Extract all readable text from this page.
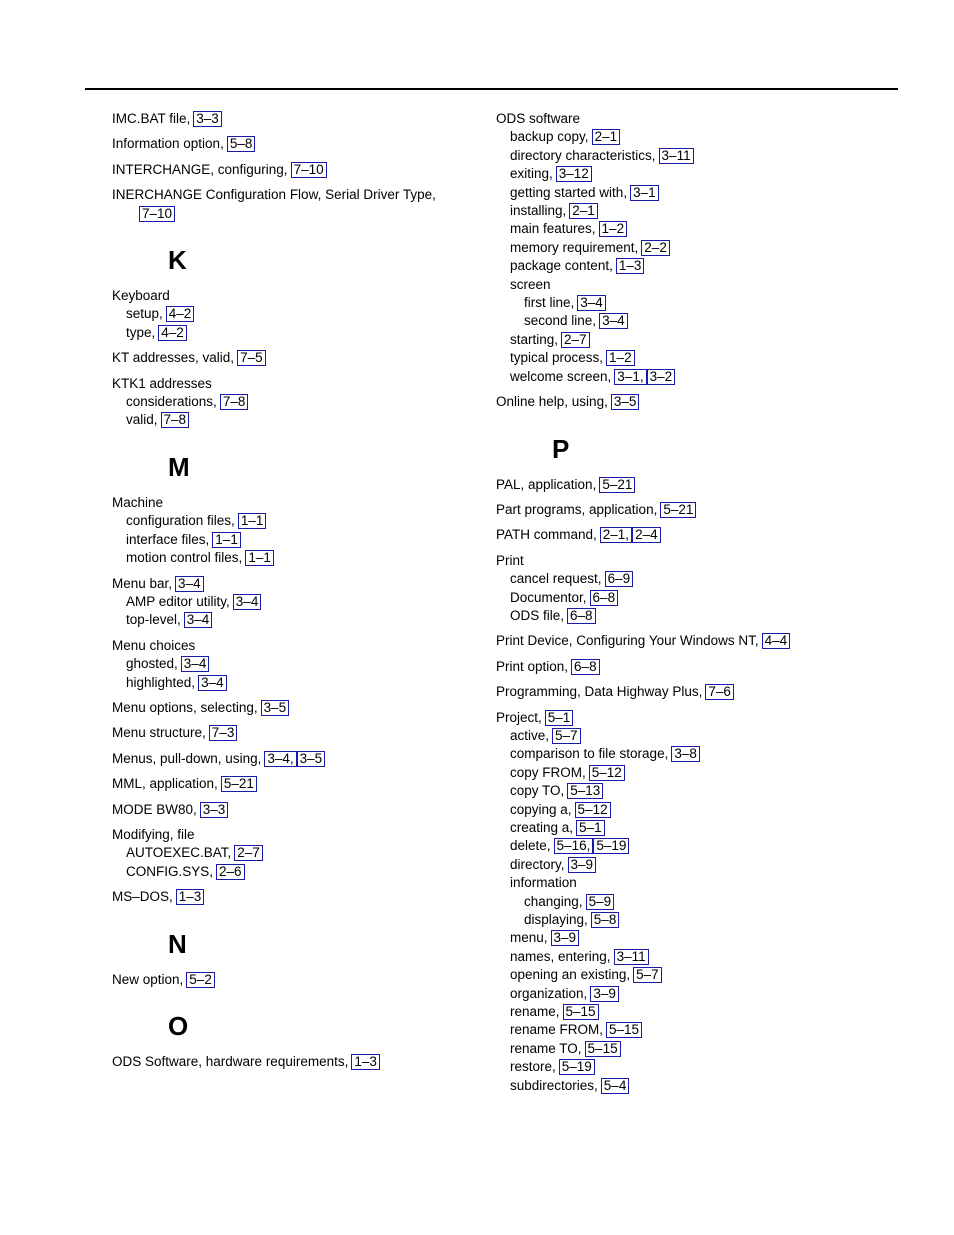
IMC.BAT file, 3–3
Information option, 5–8
INTERCHANGE, configuring, 7–10
INERCHANGE Configuration Flow, Serial Driver Type,
7–10
K
Keyboard
setup, 4–2
type, 4–2
KT addresses, valid, 7–5
KTK1 addresses
considerations, 7–8
valid, 7–8
M
Machine
configuration files, 1–1
interface files, 1–1
motion control files, 1–1
Menu bar, 3–4
AMP editor utility, 3–4
top-level, 3–4
Menu choices
ghosted, 3–4
highlighted, 3–4
Menu options, selecting, 3–5
Menu structure, 7–3
Menus, pull-down, using, 3–4, 3–5
MML, application, 5–21
MODE BW80, 3–3
Modifying, file
AUTOEXEC.BAT, 2–7
CONFIG.SYS, 2–6
MS–DOS, 1–3
N
New option, 5–2
O
ODS Software, hardware requirements, 1–3
ODS software
backup copy, 2–1
directory characteristics, 3–11
exiting, 3–12
getting started with, 3–1
installing, 2–1
main features, 1–2
memory requirement, 2–2
package content, 1–3
screen
first line, 3–4
second line, 3–4
starting, 2–7
typical process, 1–2
welcome screen, 3–1, 3–2
Online help, using, 3–5
P
PAL, application, 5–21
Part programs, application, 5–21
PATH command, 2–1, 2–4
Print
cancel request, 6–9
Documentor, 6–8
ODS file, 6–8
Print Device, Configuring Your Windows NT, 4–4
Print option, 6–8
Programming, Data Highway Plus, 7–6
Project, 5–1
active, 5–7
comparison to file storage, 3–8
copy FROM, 5–12
copy TO, 5–13
copying a, 5–12
creating a, 5–1
delete, 5–16, 5–19
directory, 3–9
information
changing, 5–9
displaying, 5–8
menu, 3–9
names, entering, 3–11
opening an existing, 5–7
organization, 3–9
rename, 5–15
rename FROM, 5–15
rename TO, 5–15
restore, 5–19
subdirectories, 5–4
